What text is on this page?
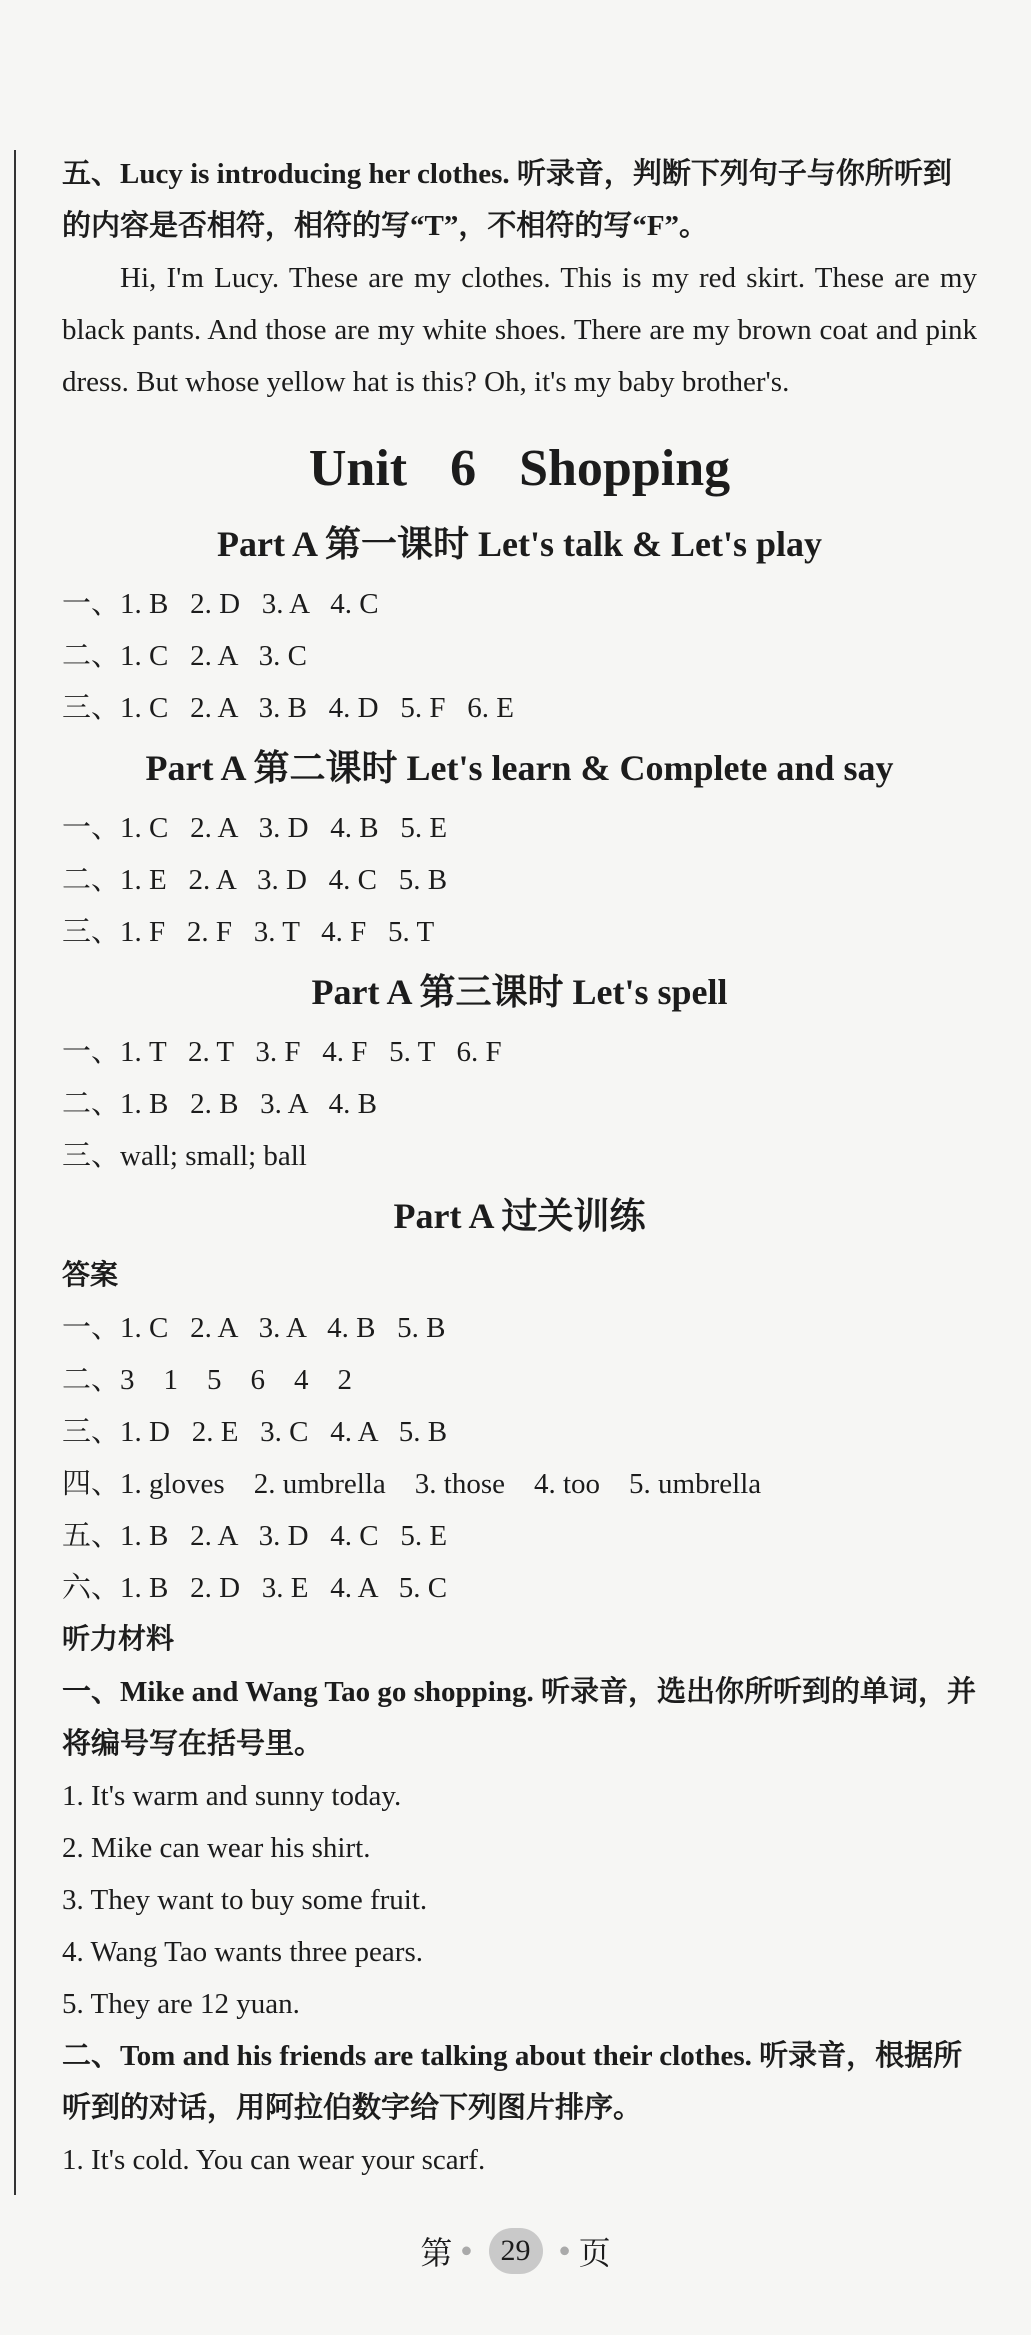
五、Lucy is introducing her clothes. 听录音，判断下列句子与你所听到的内容是否相符，相符的写“T”，不相符的写“F”。

Hi, I'm Lucy. These are my clothes. This is my red skirt. These are my black pants. And those are my white shoes. There are my brown coat and pink dress. But whose yellow hat is this? Oh, it's my baby brother's.

Unit 6 Shopping
Part A 第一课时 Let's talk & Let's play

一、1. B   2. D   3. A   4. C

二、1. C   2. A   3. C

三、1. C   2. A   3. B   4. D   5. F   6. E

Part A 第二课时 Let's learn & Complete and say

一、1. C   2. A   3. D   4. B   5. E

二、1. E   2. A   3. D   4. C   5. B

三、1. F   2. F   3. T   4. F   5. T

Part A 第三课时 Let's spell

一、1. T   2. T   3. F   4. F   5. T   6. F

二、1. B   2. B   3. A   4. B

三、wall; small; ball

Part A 过关训练

答案

一、1. C   2. A   3. A   4. B   5. B

二、3    1    5    6    4    2

三、1. D   2. E   3. C   4. A   5. B

四、1. gloves    2. umbrella    3. those    4. too    5. umbrella

五、1. B   2. A   3. D   4. C   5. E

六、1. B   2. D   3. E   4. A   5. C

听力材料

一、Mike and Wang Tao go shopping. 听录音，选出你所听到的单词，并将编号写在括号里。

1. It's warm and sunny today.

2. Mike can wear his shirt.

3. They want to buy some fruit.

4. Wang Tao wants three pears.

5. They are 12 yuan.

二、Tom and his friends are talking about their clothes. 听录音，根据所听到的对话，用阿拉伯数字给下列图片排序。

1. It's cold. You can wear your scarf.

第 ● 29 ● 页
